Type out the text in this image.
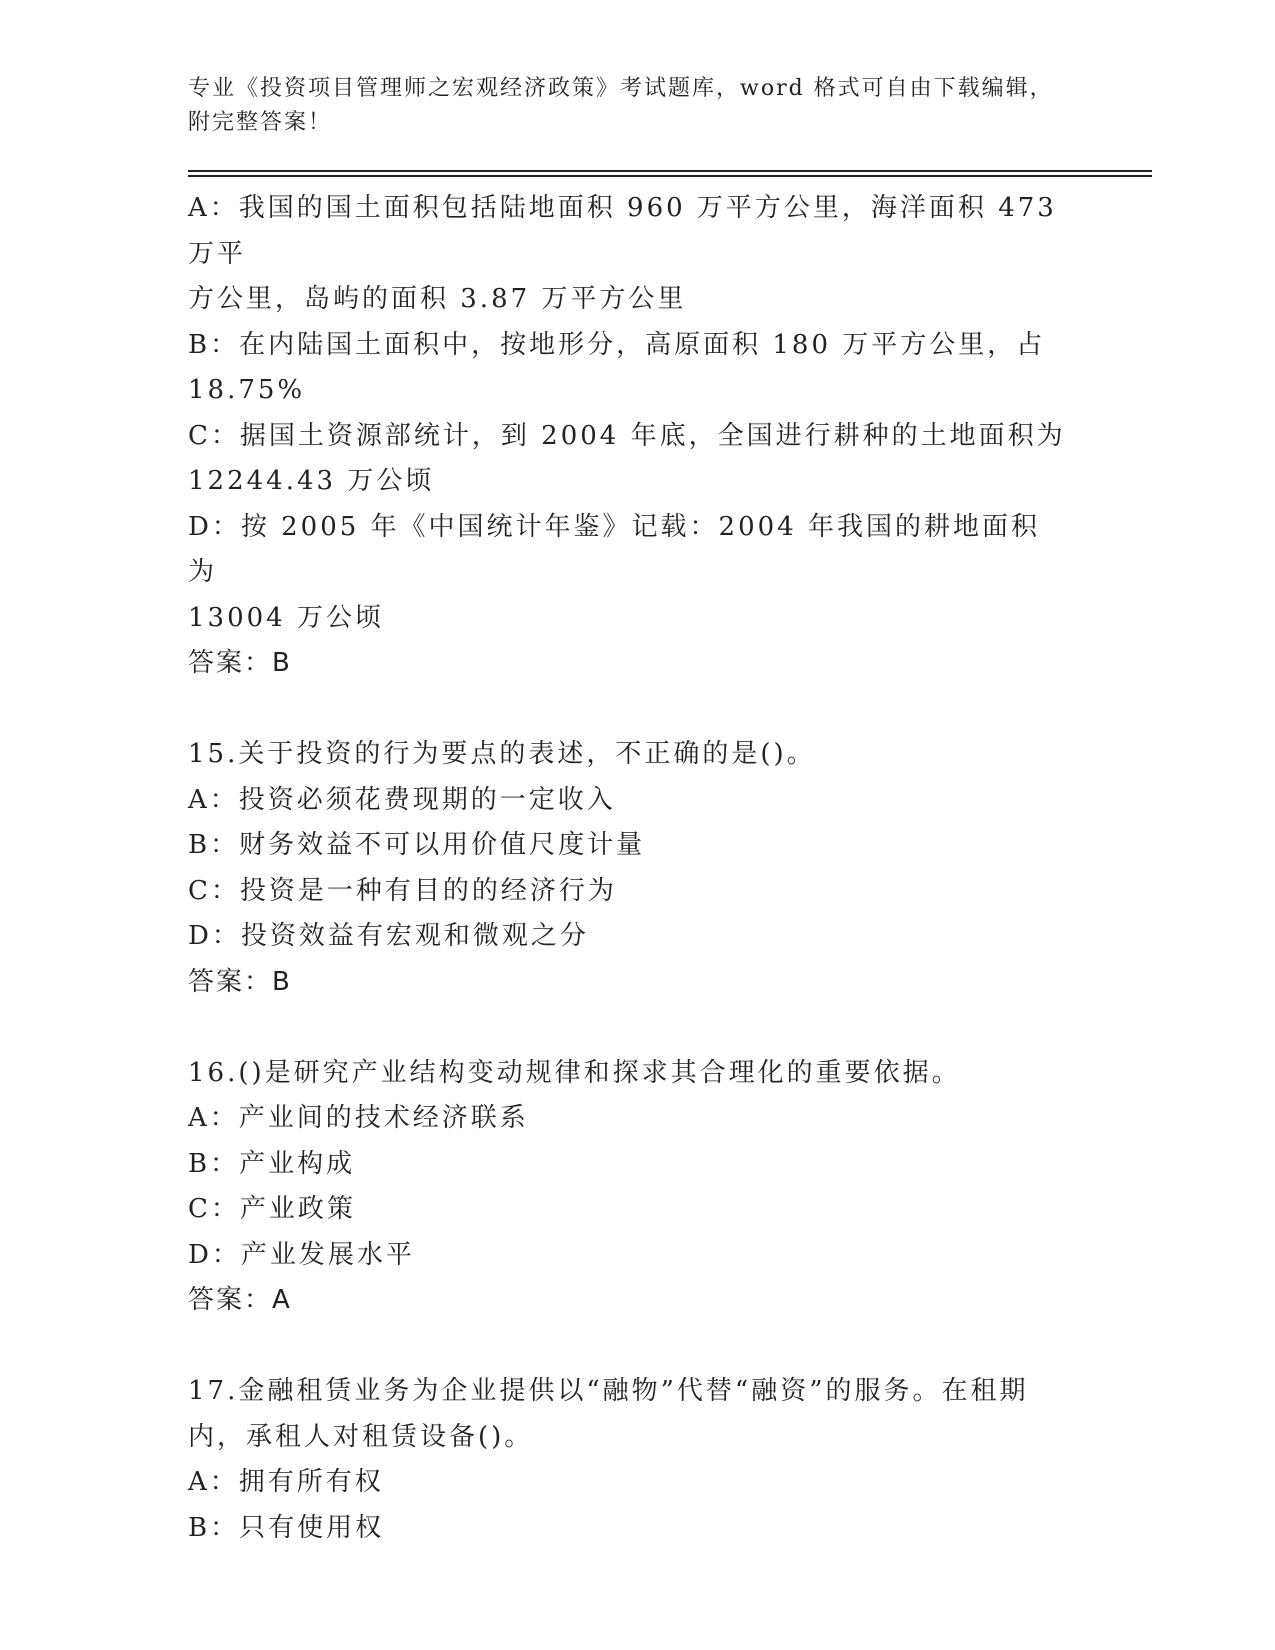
专业《投资项目管理师之宏观经济政策》考试题库，word 格式可自由下载编辑，
附完整答案！
A：我国的国土面积包括陆地面积 960 万平方公里，海洋面积 473 万平
方公里，岛屿的面积 3.87 万平方公里
B：在内陆国土面积中，按地形分，高原面积 180 万平方公里，占
18.75%
C：据国土资源部统计，到 2004 年底，全国进行耕种的土地面积为
12244.43 万公顷
D：按 2005 年《中国统计年鉴》记载：2004 年我国的耕地面积为
13004 万公顷
答案：B
15.关于投资的行为要点的表述，不正确的是()。
A：投资必须花费现期的一定收入
B：财务效益不可以用价值尺度计量
C：投资是一种有目的的经济行为
D：投资效益有宏观和微观之分
答案：B
16.()是研究产业结构变动规律和探求其合理化的重要依据。
A：产业间的技术经济联系
B：产业构成
C：产业政策
D：产业发展水平
答案：A
17.金融租赁业务为企业提供以“融物”代替“融资”的服务。在租期
内，承租人对租赁设备()。
A：拥有所有权
B：只有使用权
